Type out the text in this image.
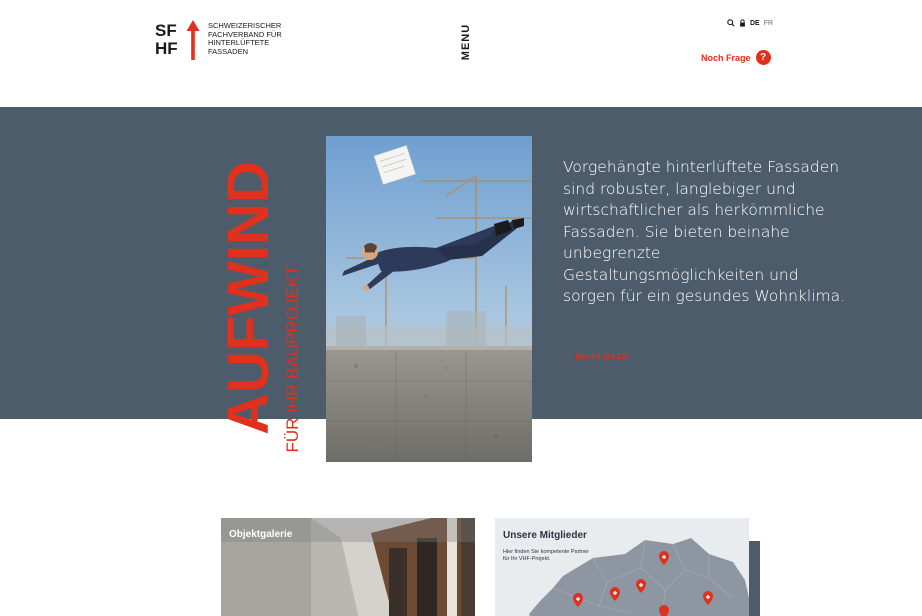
SF
HF
SCHWEIZERISCHER
FACHVERBAND FÜR
HINTERLÜFTETE
FASSADEN	MENU
DE FR
Noch Frage ?
AUFWIND FÜR IHR BAUPROJEKT

Vorgehängte hinterlüftete Fassaden sind robuster, langlebiger und wirtschaftlicher als herkömmliche Fassaden. Sie bieten beinahe unbegrenzte Gestaltungsmöglichkeiten und sorgen für ein gesundes Wohnklima.

→ MEHR DAZU
Objektgalerie	Unsere Mitglieder

Hier finden Sie kompetente Partner für Ihr VHF-Projekt.
